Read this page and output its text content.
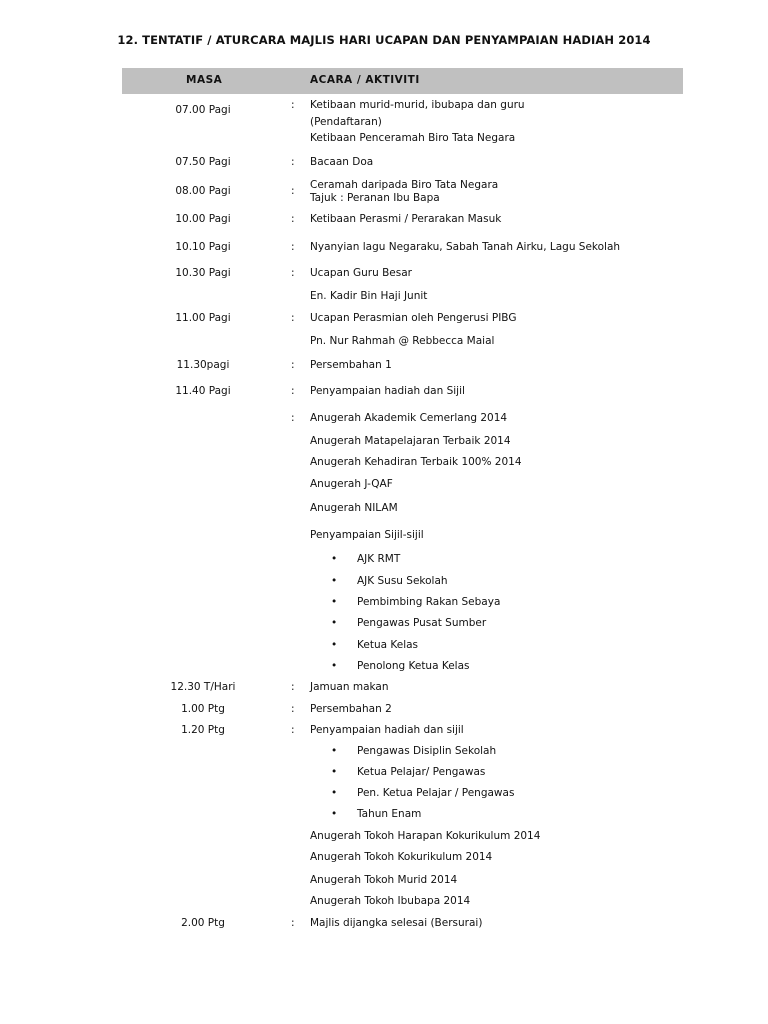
12. TENTATIF / ATURCARA MAJLIS HARI UCAPAN DAN PENYAMPAIAN HADIAH 2014
MASA	ACARA / AKTIVITI
07.00 Pagi	: Ketibaan murid-murid, ibubapa dan guru
(Pendaftaran)
Ketibaan Penceramah Biro Tata Negara
07.50 Pagi	: Bacaan Doa
08.00 Pagi	: Ceramah daripada Biro Tata Negara
Tajuk : Peranan Ibu Bapa
10.00 Pagi	: Ketibaan Perasmi / Perarakan Masuk
10.10 Pagi	: Nyanyian lagu Negaraku, Sabah Tanah Airku, Lagu Sekolah
10.30 Pagi	: Ucapan Guru Besar
En. Kadir Bin Haji Junit
11.00 Pagi	: Ucapan Perasmian oleh Pengerusi PIBG
Pn. Nur Rahmah @ Rebbecca Maial
11.30pagi	: Persembahan 1
11.40 Pagi	: Penyampaian hadiah dan Sijil
: Anugerah Akademik Cemerlang 2014
Anugerah Matapelajaran Terbaik 2014
Anugerah Kehadiran Terbaik 100% 2014
Anugerah J-QAF
Anugerah NILAM
Penyampaian Sijil-sijil
• AJK RMT
• AJK Susu Sekolah
• Pembimbing Rakan Sebaya
• Pengawas Pusat Sumber
• Ketua Kelas
• Penolong Ketua Kelas
12.30 T/Hari	: Jamuan makan
1.00 Ptg	: Persembahan 2
1.20 Ptg	: Penyampaian hadiah dan sijil
• Pengawas Disiplin Sekolah
• Ketua Pelajar/ Pengawas
• Pen. Ketua Pelajar / Pengawas
• Tahun Enam
Anugerah Tokoh Harapan Kokurikulum 2014
Anugerah Tokoh Kokurikulum 2014
Anugerah Tokoh Murid 2014
Anugerah Tokoh Ibubapa 2014
2.00 Ptg	: Majlis dijangka selesai (Bersurai)
